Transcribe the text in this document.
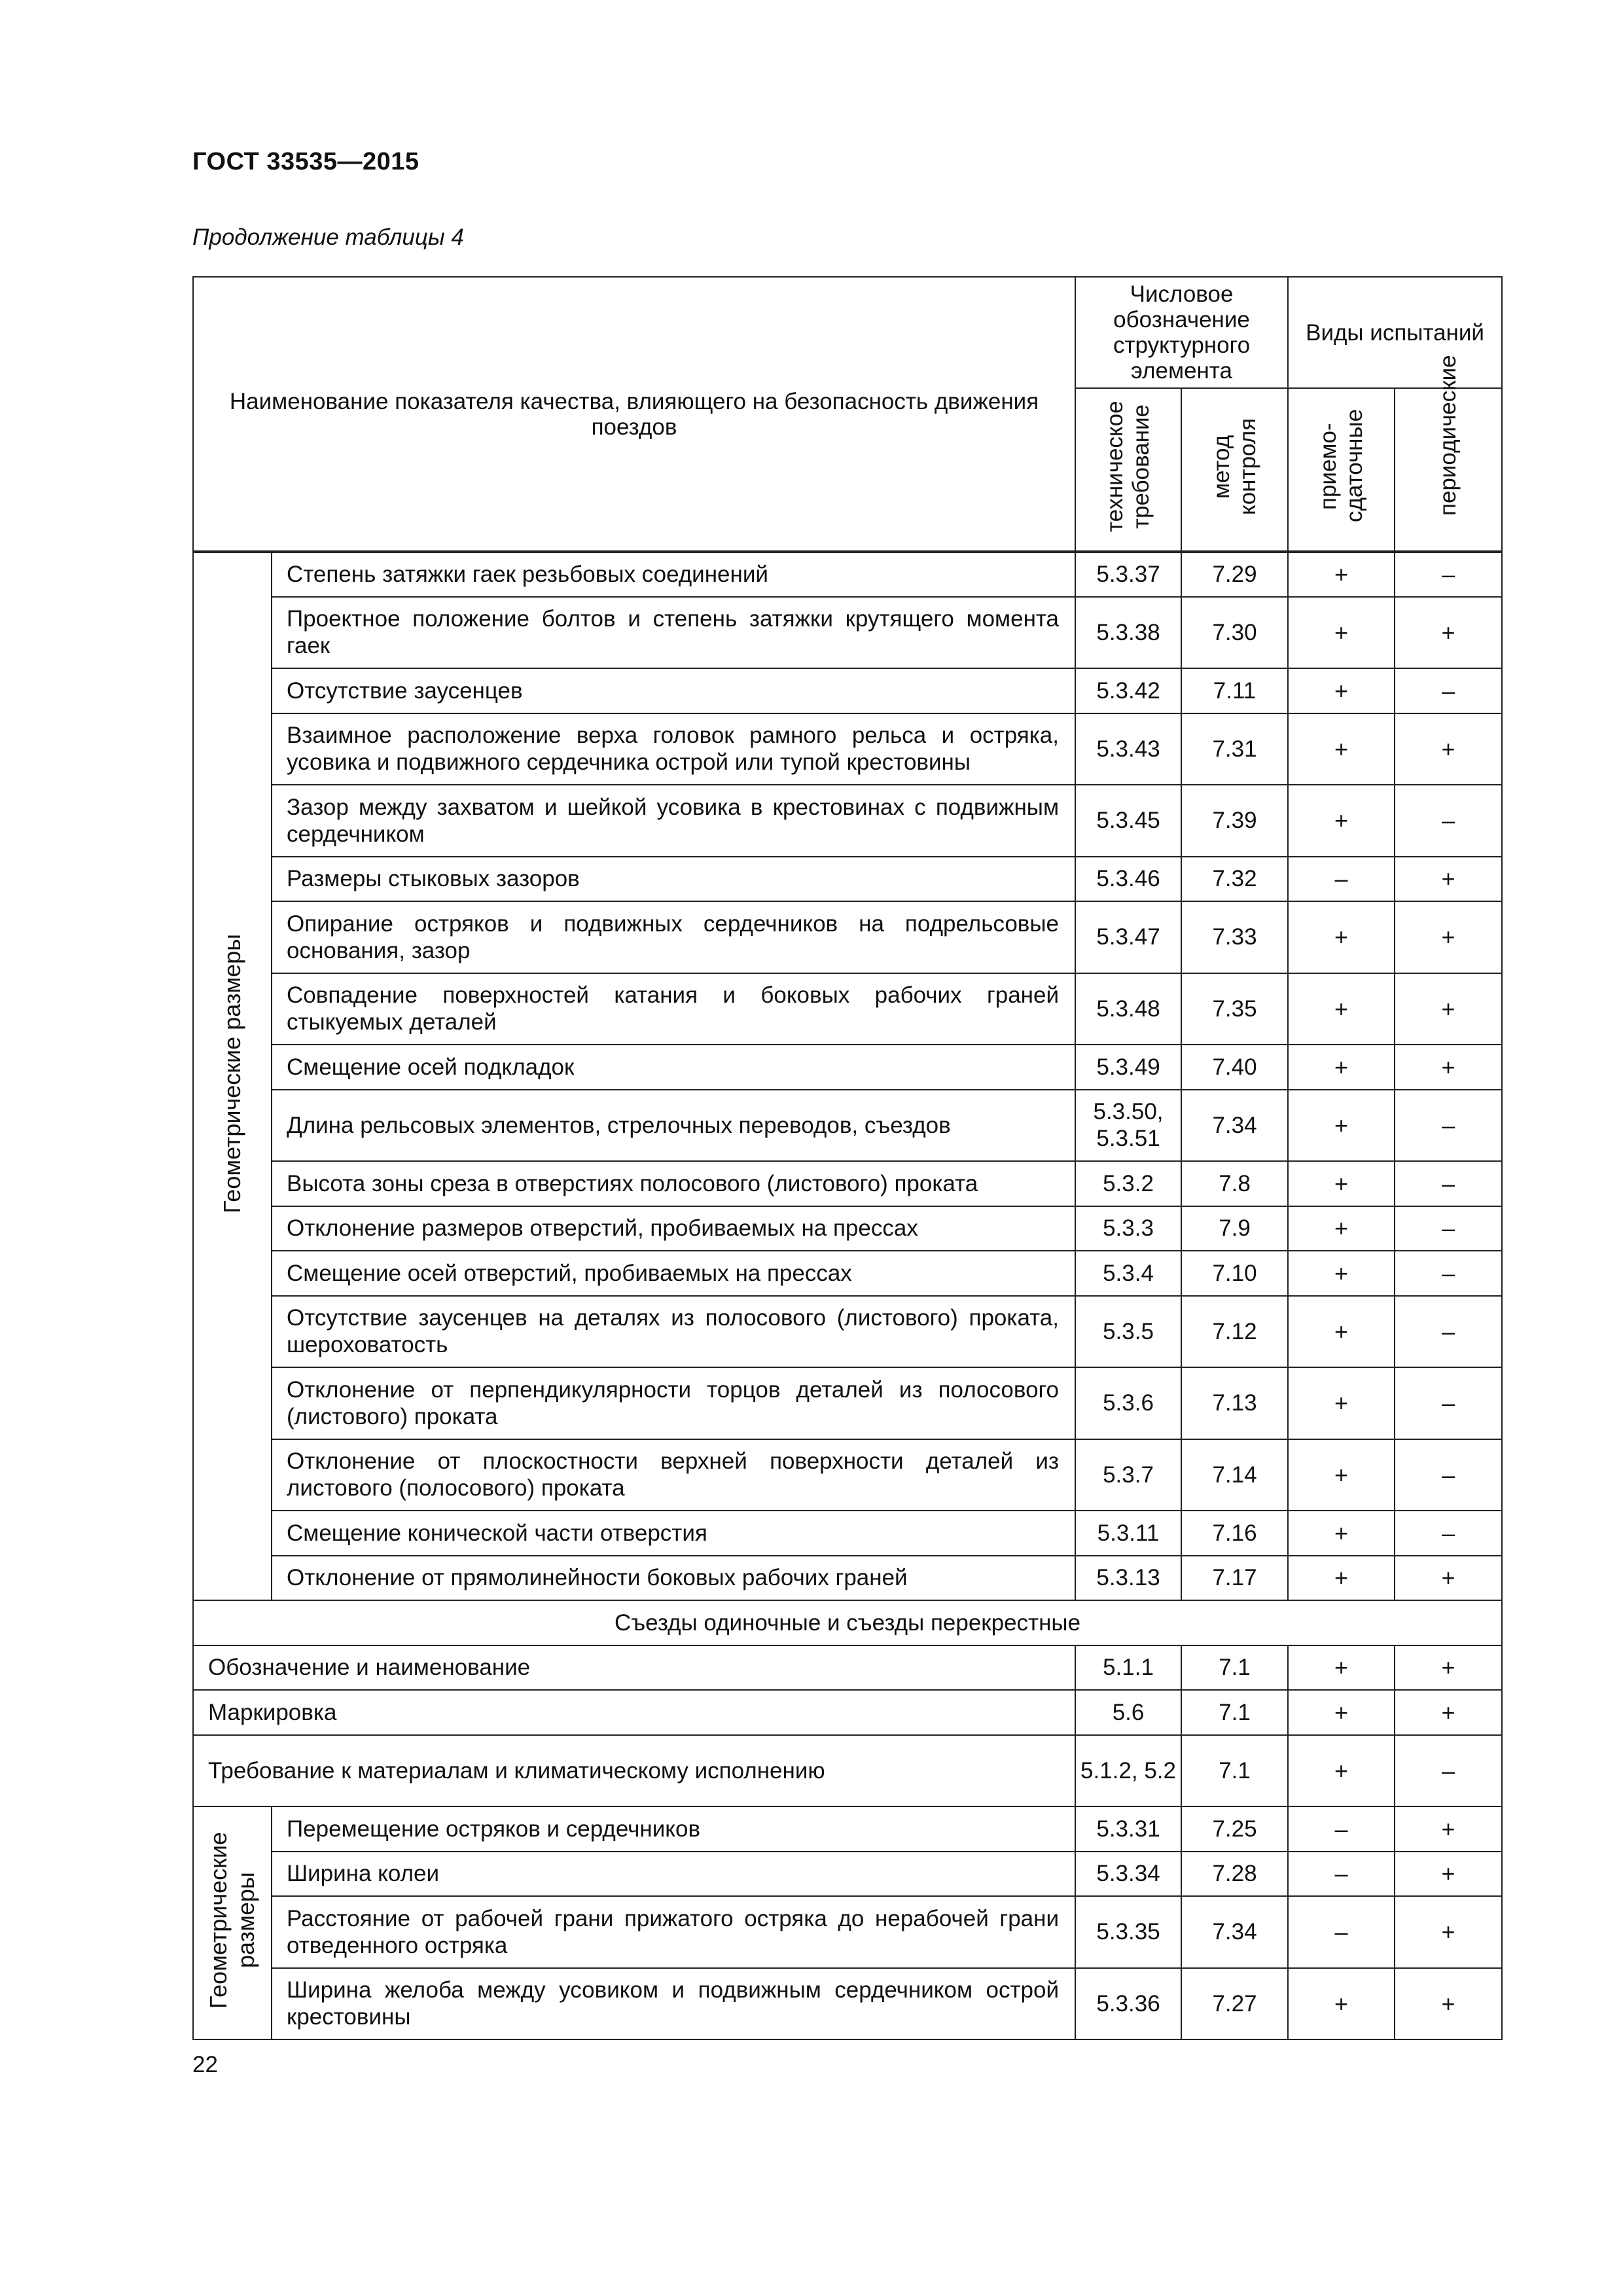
ГОСТ 33535—2015
Продолжение таблицы 4
Наименование показателя качества, влияющего на безопасность движения поездов		Числовое обозначение структурного элемента		Виды испытаний	
		техническое требование	метод контроля	приемо-сдаточные	периодические
Геометрические размеры	Степень затяжки гаек резьбовых соединений	5.3.37	7.29	+	–
	Проектное положение болтов и степень затяжки крутящего момента гаек	5.3.38	7.30	+	+
	Отсутствие заусенцев	5.3.42	7.11	+	–
	Взаимное расположение верха головок рамного рельса и остряка, усовика и подвижного сердечника острой или тупой крестовины	5.3.43	7.31	+	+
	Зазор между захватом и шейкой усовика в крестовинах с подвижным сердечником	5.3.45	7.39	+	–
	Размеры стыковых зазоров	5.3.46	7.32	–	+
	Опирание остряков и подвижных сердечников на подрельсовые основания, зазор	5.3.47	7.33	+	+
	Совпадение поверхностей катания и боковых рабочих граней стыкуемых деталей	5.3.48	7.35	+	+
	Смещение осей подкладок	5.3.49	7.40	+	+
	Длина рельсовых элементов, стрелочных переводов, съездов	5.3.50, 5.3.51	7.34	+	–
	Высота зоны среза в отверстиях полосового (листового) проката	5.3.2	7.8	+	–
	Отклонение размеров отверстий, пробиваемых на прессах	5.3.3	7.9	+	–
	Смещение осей отверстий, пробиваемых на прессах	5.3.4	7.10	+	–
	Отсутствие заусенцев на деталях из полосового (листового) проката, шероховатость	5.3.5	7.12	+	–
	Отклонение от перпендикулярности торцов деталей из полосового (листового) проката	5.3.6	7.13	+	–
	Отклонение от плоскостности верхней поверхности деталей из листового (полосового) проката	5.3.7	7.14	+	–
	Смещение конической части отверстия	5.3.11	7.16	+	–
	Отклонение от прямолинейности боковых рабочих граней	5.3.13	7.17	+	+
Съезды одиночные и съезды перекрестные					
Обозначение и наименование		5.1.1	7.1	+	+
Маркировка		5.6	7.1	+	+
Требование к материалам и климатическому исполнению		5.1.2, 5.2	7.1	+	–
Геометрические размеры	Перемещение остряков и сердечников	5.3.31	7.25	–	+
	Ширина колеи	5.3.34	7.28	–	+
	Расстояние от рабочей грани прижатого остряка до нерабочей грани отведенного остряка	5.3.35	7.34	–	+
	Ширина желоба между усовиком и подвижным сердечником острой крестовины	5.3.36	7.27	+	+
22
